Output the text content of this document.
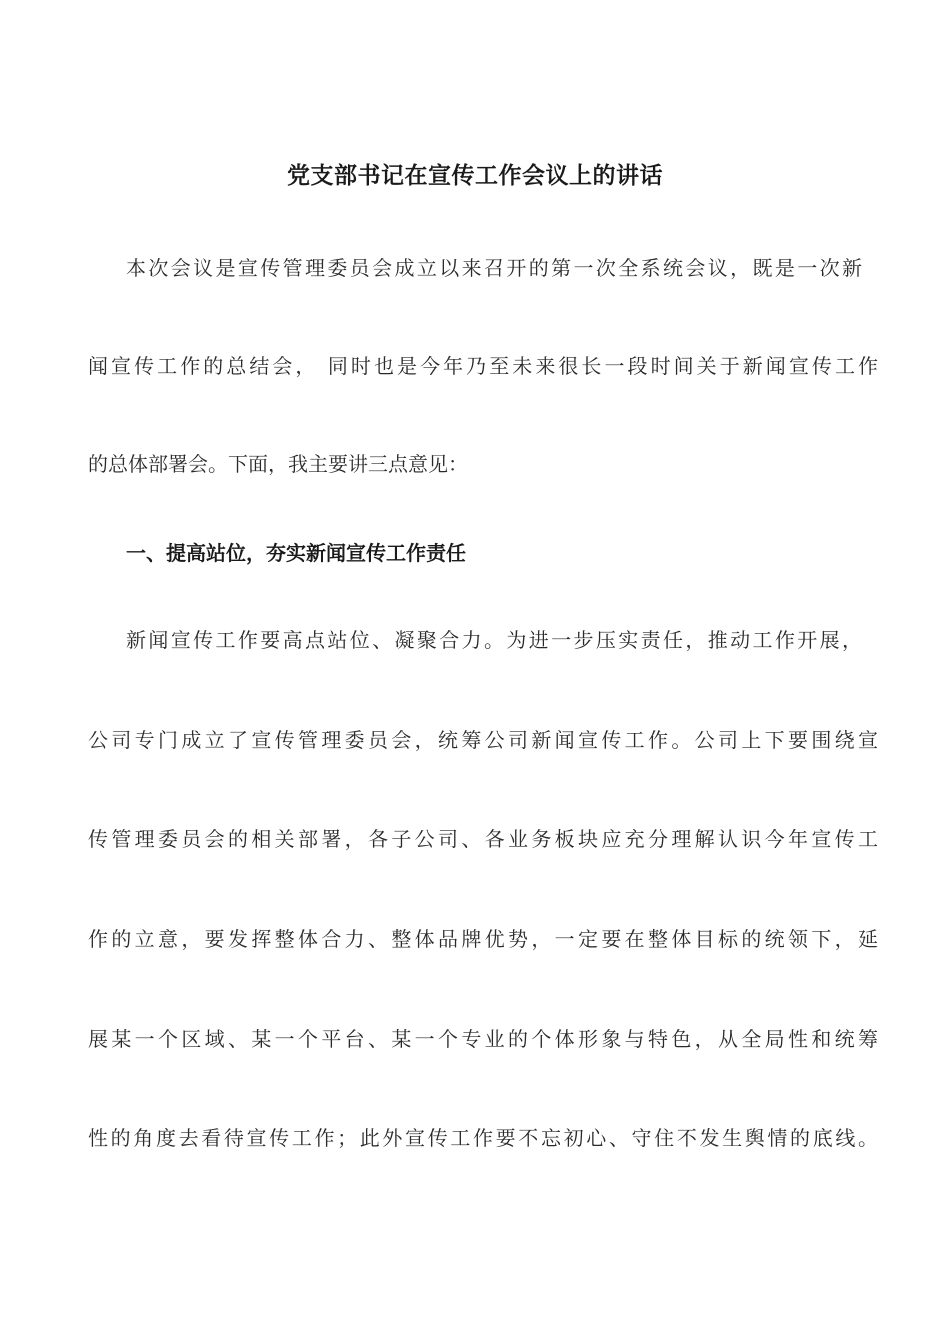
党支部书记在宣传工作会议上的讲话
本次会议是宣传管理委员会成立以来召开的第一次全系统会议，既是一次新
闻宣传工作的总结会， 同时也是今年乃至未来很长一段时间关于新闻宣传工作
的总体部署会。下面，我主要讲三点意见：
一、提高站位，夯实新闻宣传工作责任
新闻宣传工作要高点站位、凝聚合力。为进一步压实责任，推动工作开展，
公司专门成立了宣传管理委员会，统筹公司新闻宣传工作。公司上下要围绕宣
传管理委员会的相关部署，各子公司、各业务板块应充分理解认识今年宣传工
作的立意，要发挥整体合力、整体品牌优势，一定要在整体目标的统领下，延
展某一个区域、某一个平台、某一个专业的个体形象与特色，从全局性和统筹
性的角度去看待宣传工作；此外宣传工作要不忘初心、守住不发生舆情的底线。
